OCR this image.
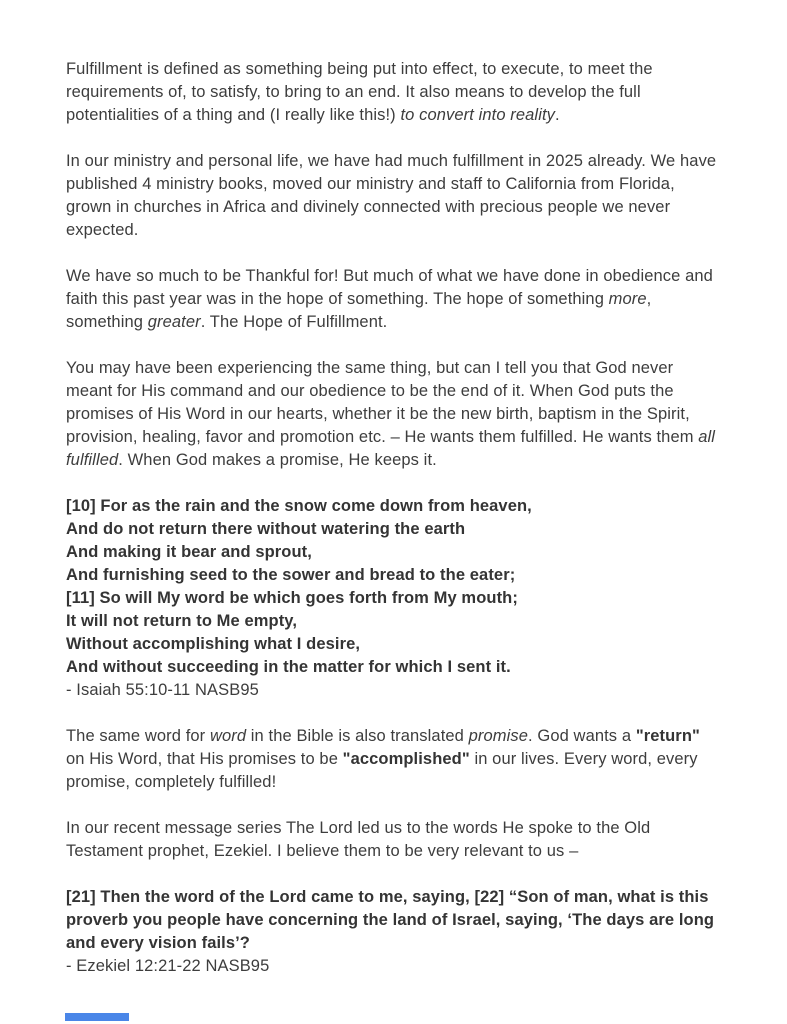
Fulfillment is defined as something being put into effect, to execute, to meet the requirements of, to satisfy, to bring to an end. It also means to develop the full potentialities of a thing and (I really like this!) to convert into reality.

In our ministry and personal life, we have had much fulfillment in 2025 already. We have published 4 ministry books, moved our ministry and staff to California from Florida, grown in churches in Africa and divinely connected with precious people we never expected.

We have so much to be Thankful for! But much of what we have done in obedience and faith this past year was in the hope of something. The hope of something more, something greater. The Hope of Fulfillment.

You may have been experiencing the same thing, but can I tell you that God never meant for His command and our obedience to be the end of it. When God puts the promises of His Word in our hearts, whether it be the new birth, baptism in the Spirit, provision, healing, favor and promotion etc. – He wants them fulfilled. He wants them all fulfilled. When God makes a promise, He keeps it.

[10] For as the rain and the snow come down from heaven,
And do not return there without watering the earth
And making it bear and sprout,
And furnishing seed to the sower and bread to the eater;
[11] So will My word be which goes forth from My mouth;
It will not return to Me empty,
Without accomplishing what I desire,
And without succeeding in the matter for which I sent it.
- Isaiah 55:10-11 NASB95

The same word for word in the Bible is also translated promise. God wants a "return" on His Word, that His promises to be "accomplished" in our lives. Every word, every promise, completely fulfilled!

In our recent message series The Lord led us to the words He spoke to the Old Testament prophet, Ezekiel. I believe them to be very relevant to us –

[21] Then the word of the Lord came to me, saying, [22] “Son of man, what is this proverb you people have concerning the land of Israel, saying, ‘The days are long and every vision fails’?
- Ezekiel 12:21-22 NASB95
